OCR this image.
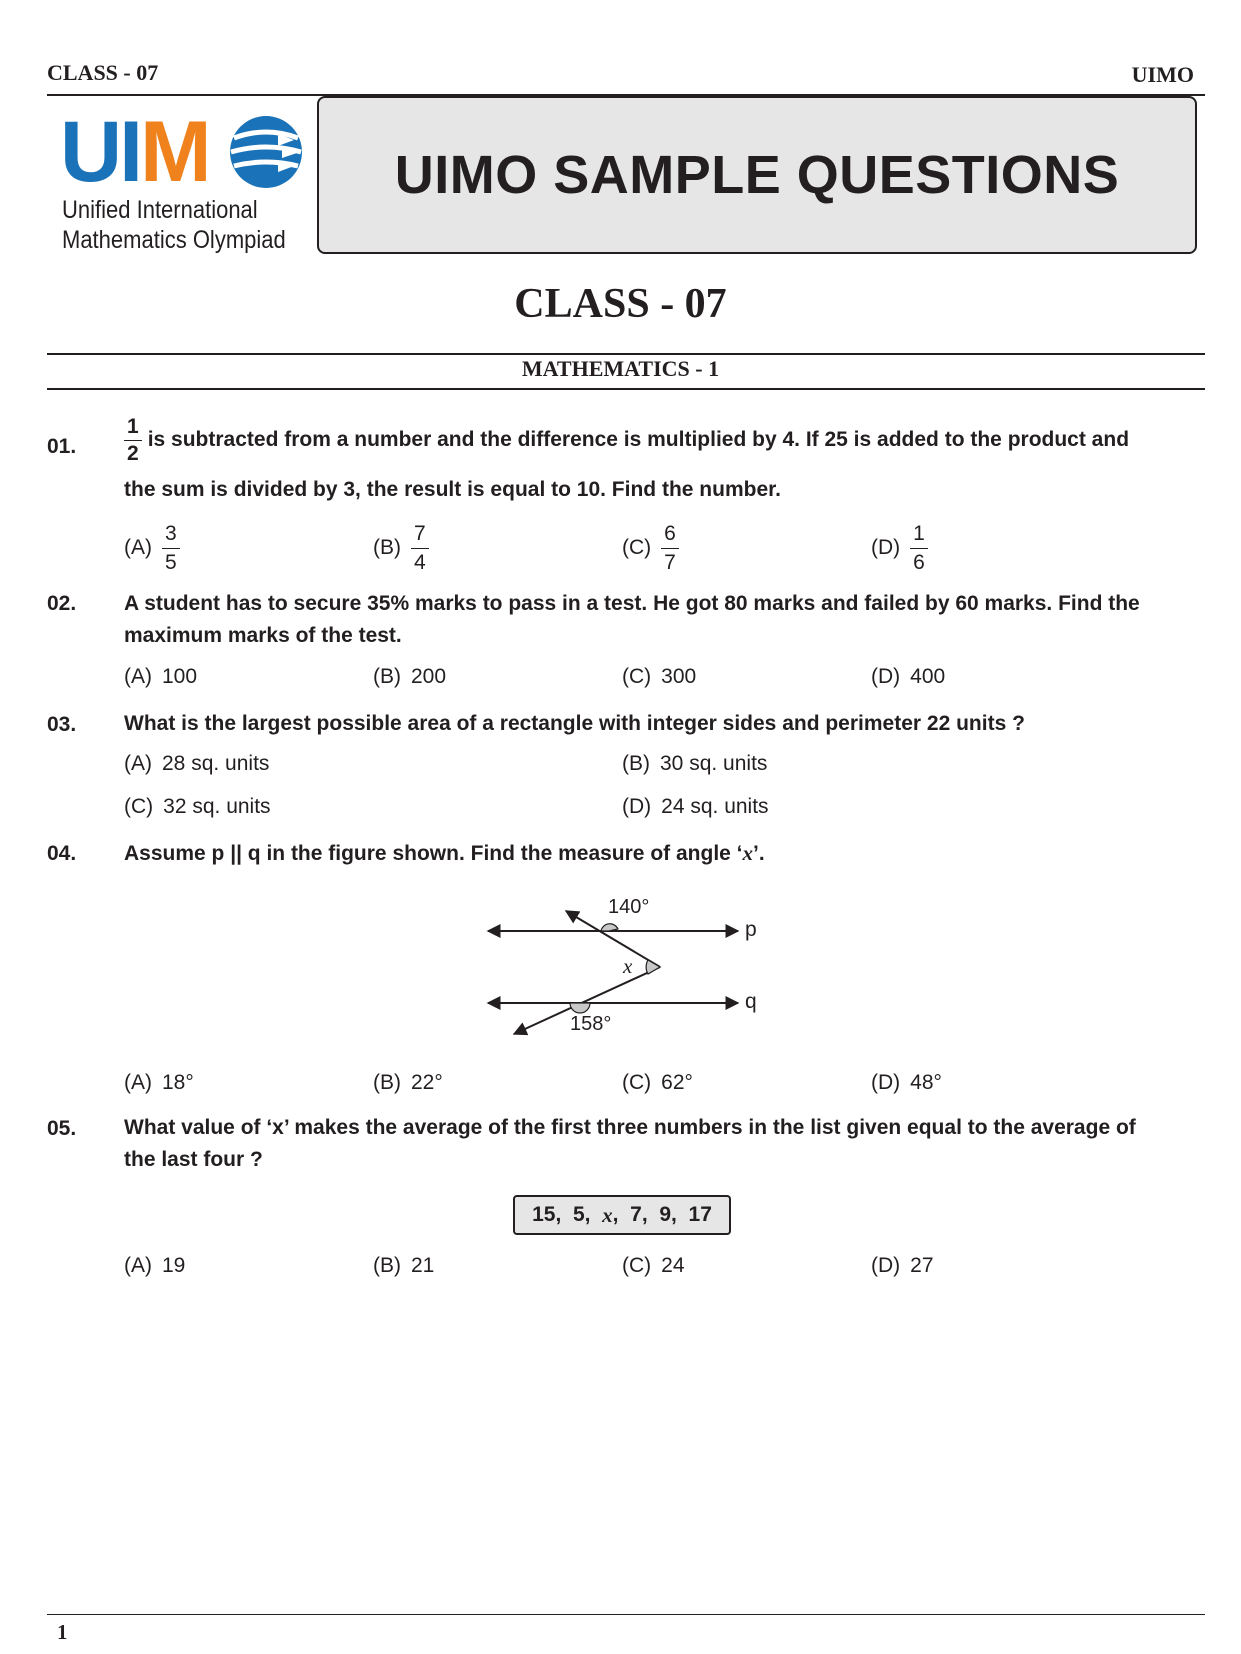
CLASS - 07	UIMO
UIM
Unified International
Mathematics Olympiad
UIMO SAMPLE QUESTIONS
CLASS - 07
MATHEMATICS - 1
01. $\frac{1}{2}$ is subtracted from a number and the difference is multiplied by 4. If 25 is added to the product and
the sum is divided by 3, the result is equal to 10. Find the number.
$(A) \frac{3}{5}$	$(B) \frac{7}{4}$	$(C) \frac{6}{7}$	$(D) \frac{1}{6}$
02. A student has to secure 35% marks to pass in a test. He got 80 marks and failed by 60 marks. Find the
maximum marks of the test.
(A) 100	(B) 200	(C) 300	(D) 400
03. What is the largest possible area of a rectangle with integer sides and perimeter 22 units ?
(A) 28 sq. units	(B) 30 sq. units
(C) 32 sq. units	(D) 24 sq. units
04. Assume p || q in the figure shown. Find the measure of angle ‘x’.
140°
158°
x
p
q
(A) 18°	(B) 22°	(C) 62°	(D) 48°
05. What value of ‘x’ makes the average of the first three numbers in the list given equal to the average of
the last four ?
15,  5, x ,  7,  9,  17
(A) 19	(B) 21	(C) 24	(D) 27
1
